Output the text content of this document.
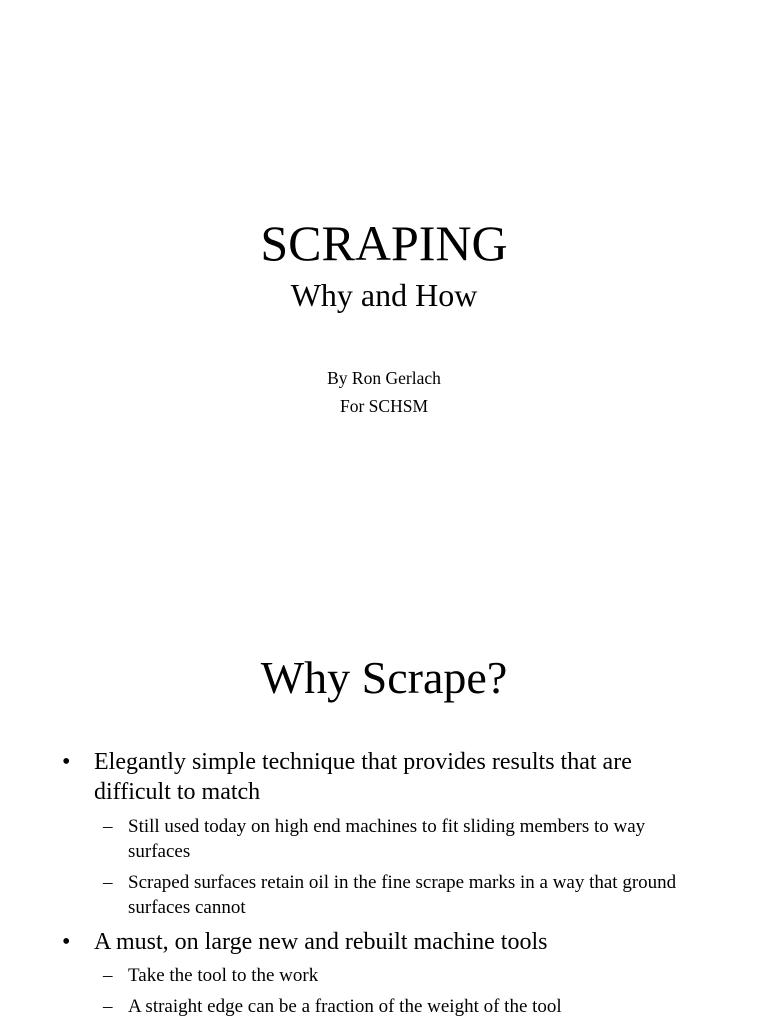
SCRAPING
Why and How
By Ron Gerlach
For SCHSM
Why Scrape?
• Elegantly simple technique that provides results that are difficult to match
– Still used today on high end machines to fit sliding members to way surfaces
– Scraped surfaces retain oil in the fine scrape marks in a way that ground surfaces cannot
• A must, on large new and rebuilt machine tools
– Take the tool to the work
– A straight edge can be a fraction of the weight of the tool
